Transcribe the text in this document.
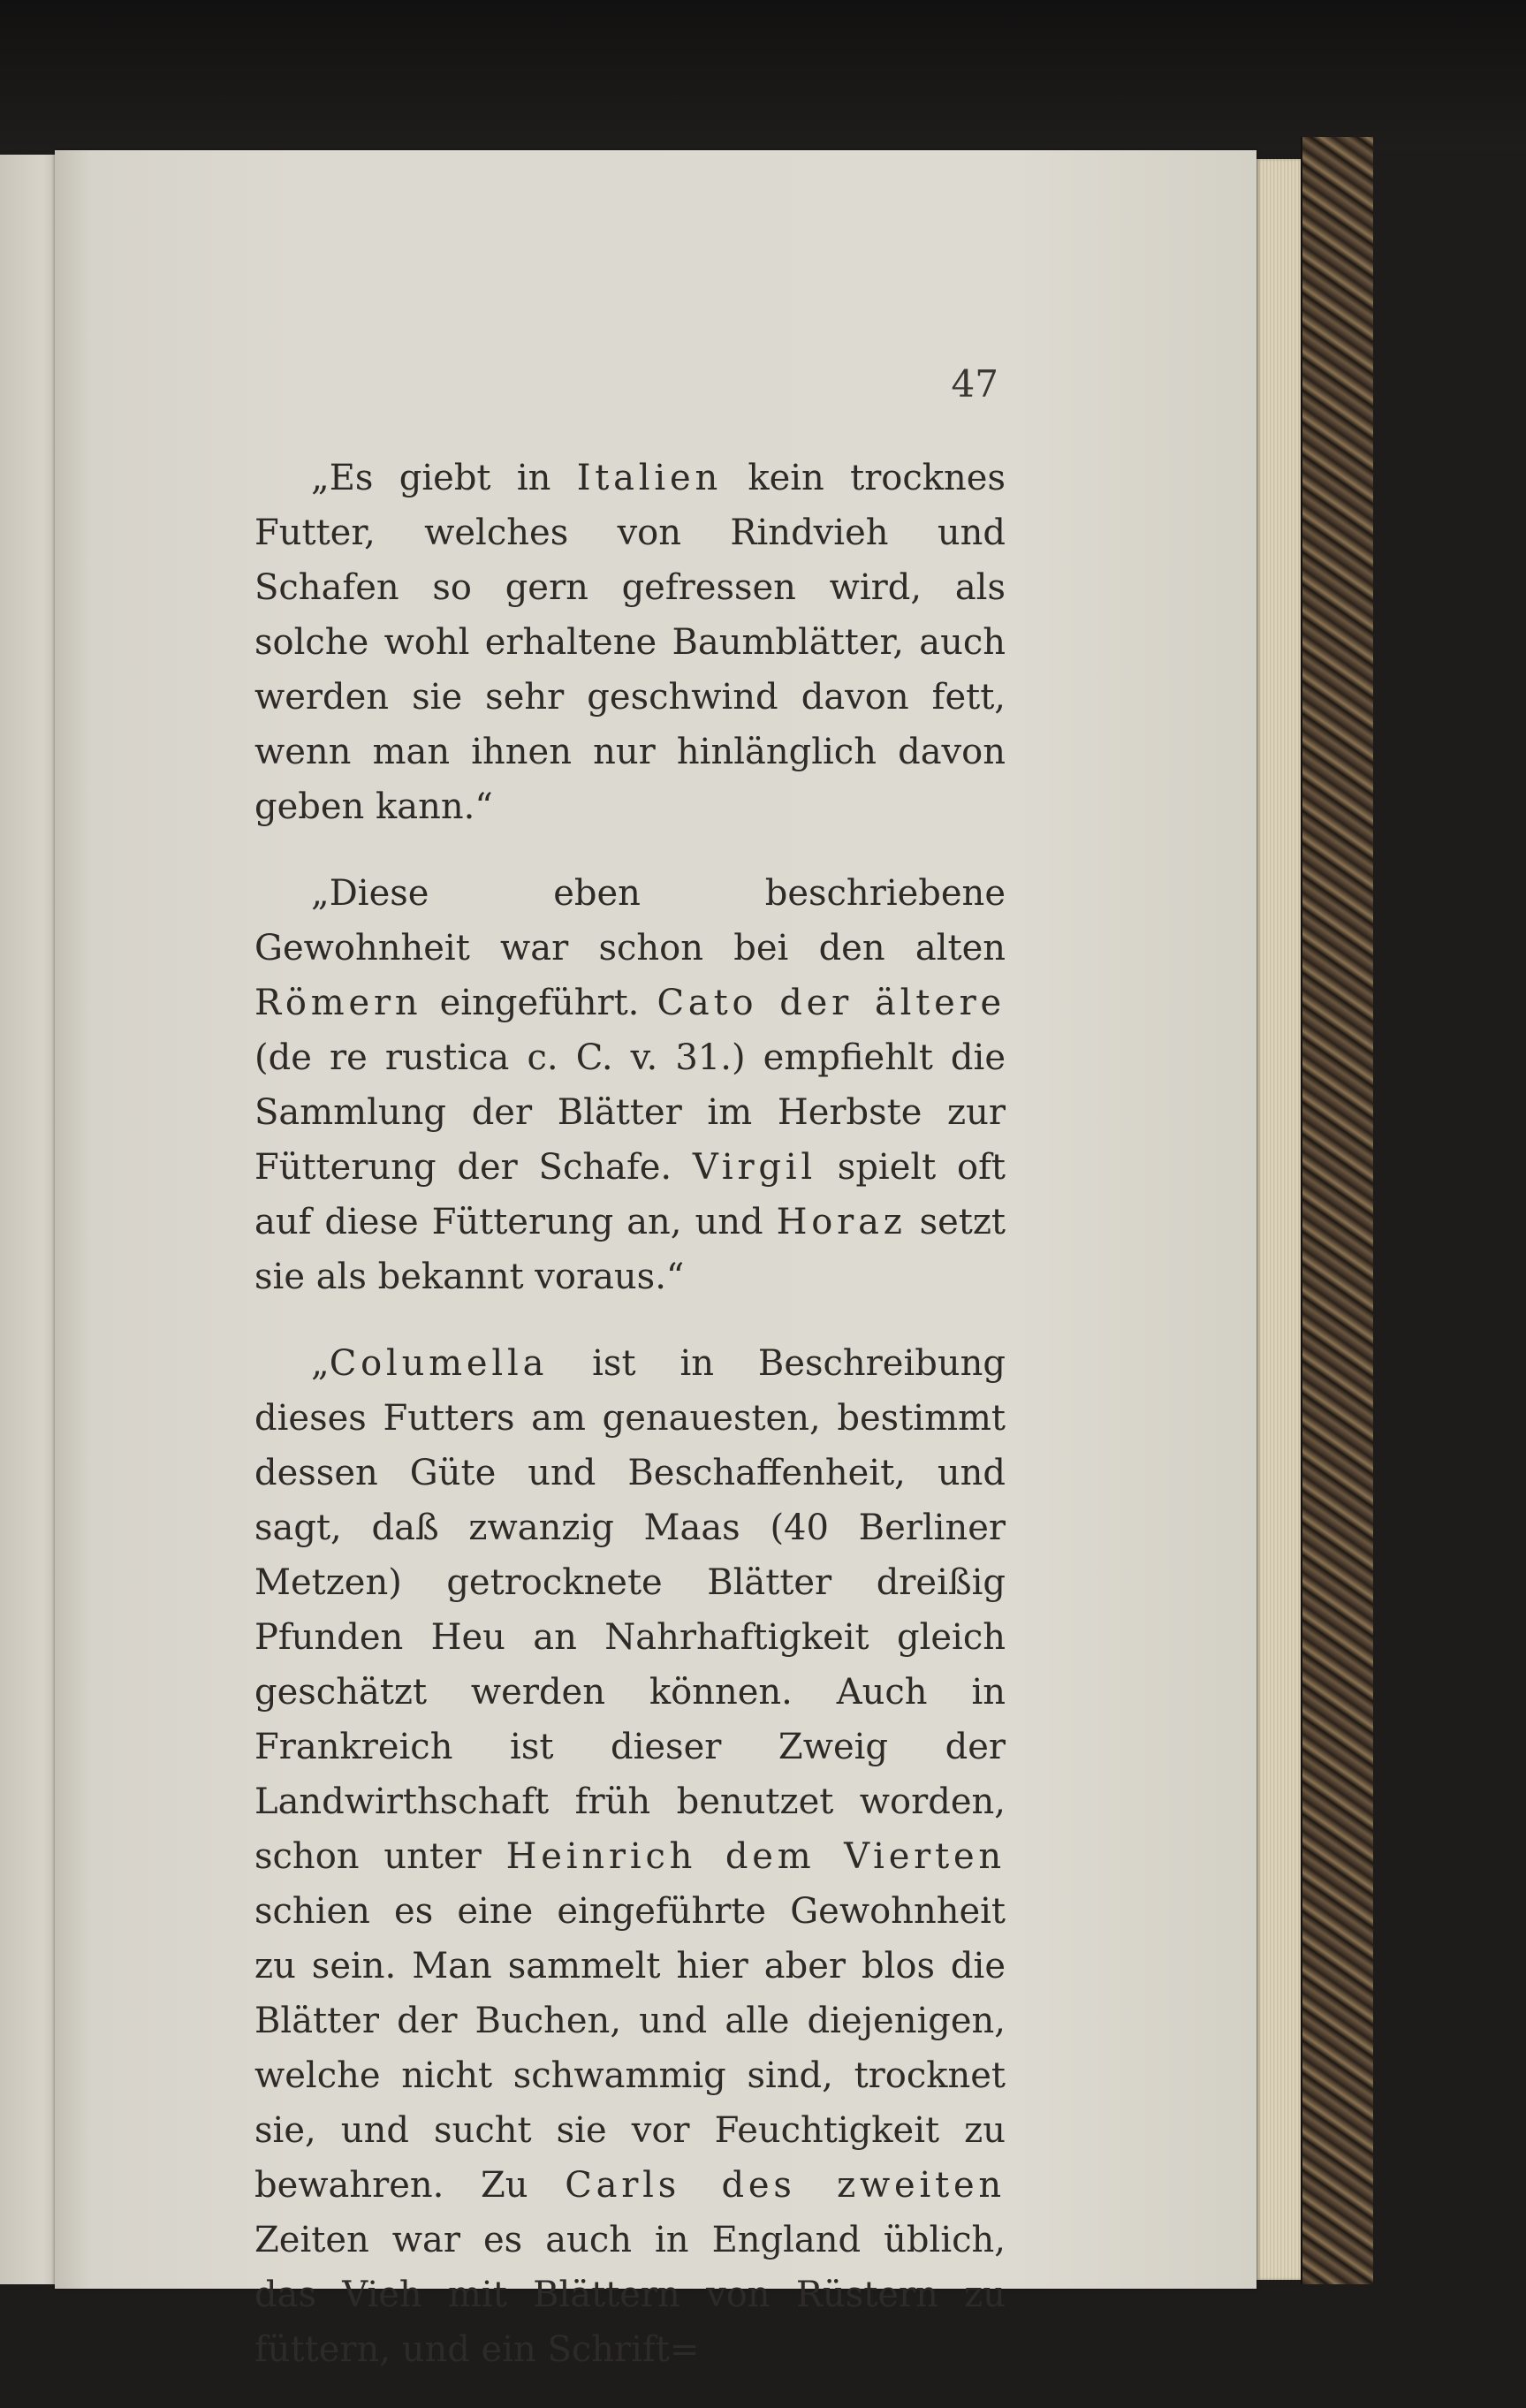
47

„Es giebt in Italien kein trocknes Futter, welches von Rindvieh und Schafen so gern gefressen wird, als solche wohl erhaltene Baumblätter, auch werden sie sehr geschwind davon fett, wenn man ihnen nur hinlänglich davon geben kann.“

„Diese eben beschriebene Gewohnheit war schon bei den alten Römern eingeführt. Cato der ältere (de re rustica c. C. v. 31.) empfiehlt die Sammlung der Blätter im Herbste zur Fütterung der Schafe. Virgil spielt oft auf diese Fütterung an, und Horaz setzt sie als bekannt voraus.“

„Columella ist in Beschreibung dieses Futters am genauesten, bestimmt dessen Güte und Beschaffenheit, und sagt, daß zwanzig Maas (40 Berliner Metzen) getrocknete Blätter dreißig Pfunden Heu an Nahrhaftigkeit gleich geschätzt werden können. Auch in Frankreich ist dieser Zweig der Landwirthschaft früh benutzet worden, schon unter Heinrich dem Vierten schien es eine eingeführte Gewohnheit zu sein. Man sammelt hier aber blos die Blätter der Buchen, und alle diejenigen, welche nicht schwammig sind, trocknet sie, und sucht sie vor Feuchtigkeit zu bewahren. Zu Carls des zweiten Zeiten war es auch in England üblich, das Vieh mit Blättern von Rüstern zu füttern, und ein Schrift=
